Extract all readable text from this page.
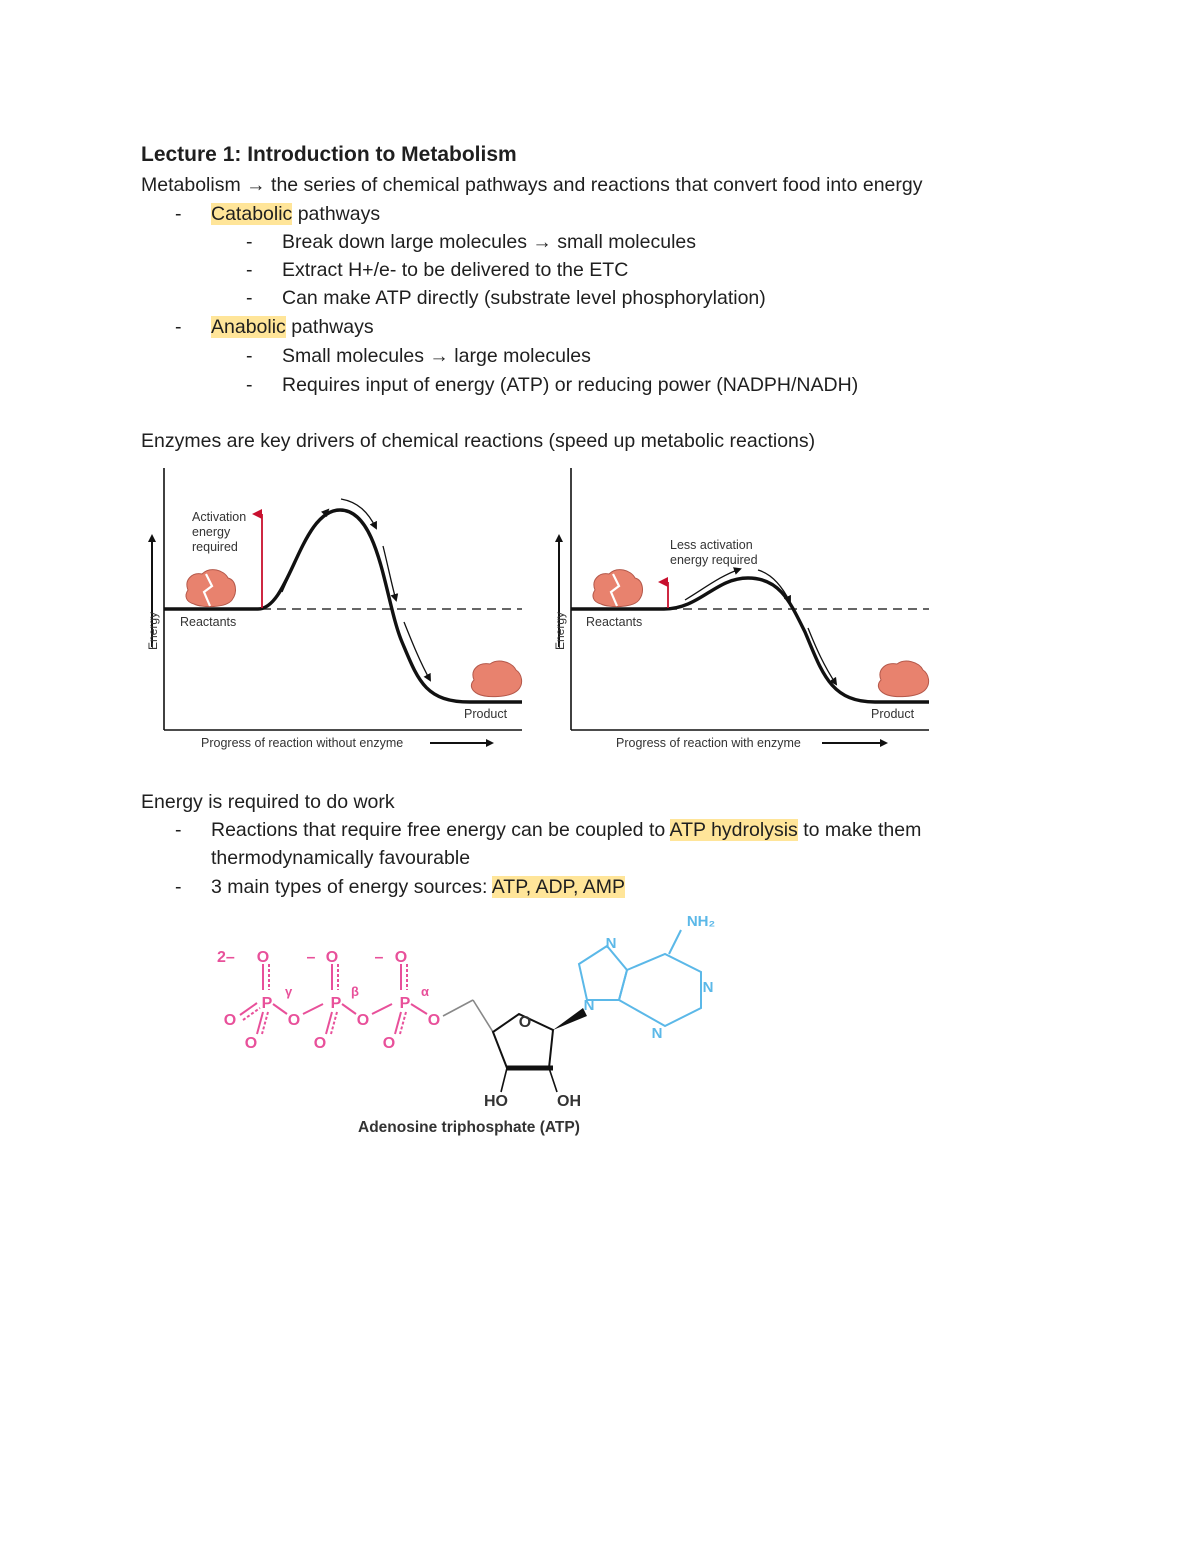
Lecture 1: Introduction to Metabolism
Metabolism → the series of chemical pathways and reactions that convert food into energy
- Catabolic pathways
- Break down large molecules → small molecules
- Extract H+/e- to be delivered to the ETC
- Can make ATP directly (substrate level phosphorylation)
- Anabolic pathways
- Small molecules → large molecules
- Requires input of energy (ATP) or reducing power (NADPH/NADH)
Enzymes are key drivers of chemical reactions (speed up metabolic reactions)
Energy
Activation energy required
Reactants
Product
Progress of reaction without enzyme
Energy
Less activation energy required
Reactants
Product
Progress of reaction with enzyme
Energy is required to do work
- Reactions that require free energy can be coupled to ATP hydrolysis to make them
thermodynamically favourable
- 3 main types of energy sources: ATP, ADP, AMP
2– O	O	O
–	–
P	P	P
O	O	O	O
O	O	O
γ	β	α
O
N
N
N
N
NH₂
HO	OH
Adenosine triphosphate (ATP)
